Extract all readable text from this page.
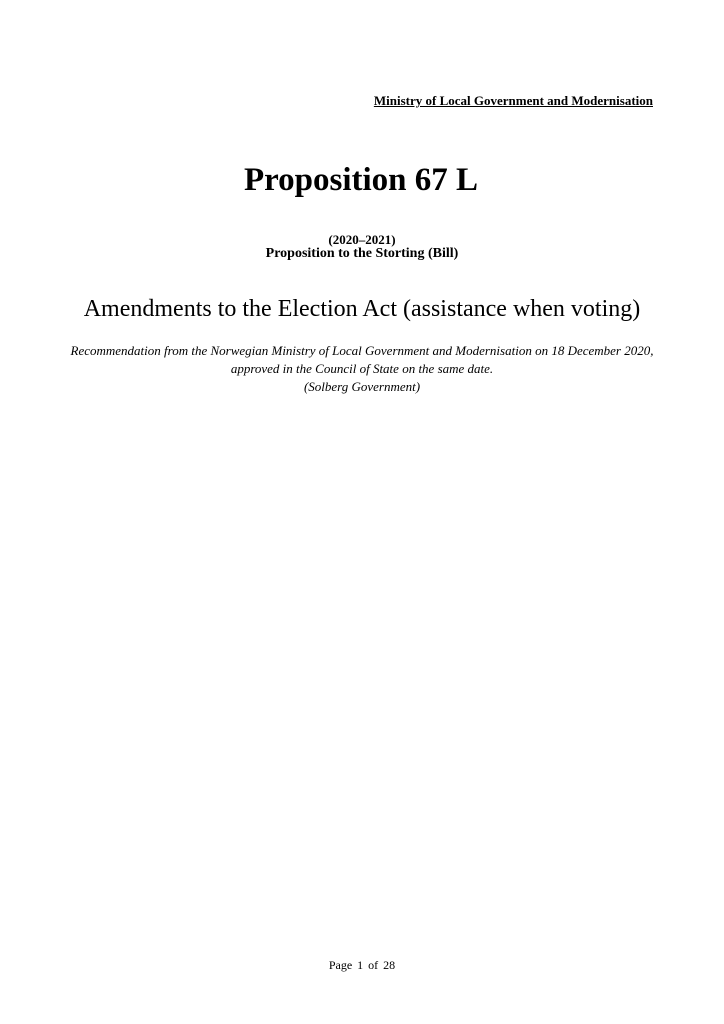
Ministry of Local Government and Modernisation
Proposition 67 L
(2020–2021)
Proposition to the Storting (Bill)
Amendments to the Election Act (assistance when voting)
Recommendation from the Norwegian Ministry of Local Government and Modernisation on 18 December 2020, approved in the Council of State on the same date.
(Solberg Government)
Page 1 of 28
